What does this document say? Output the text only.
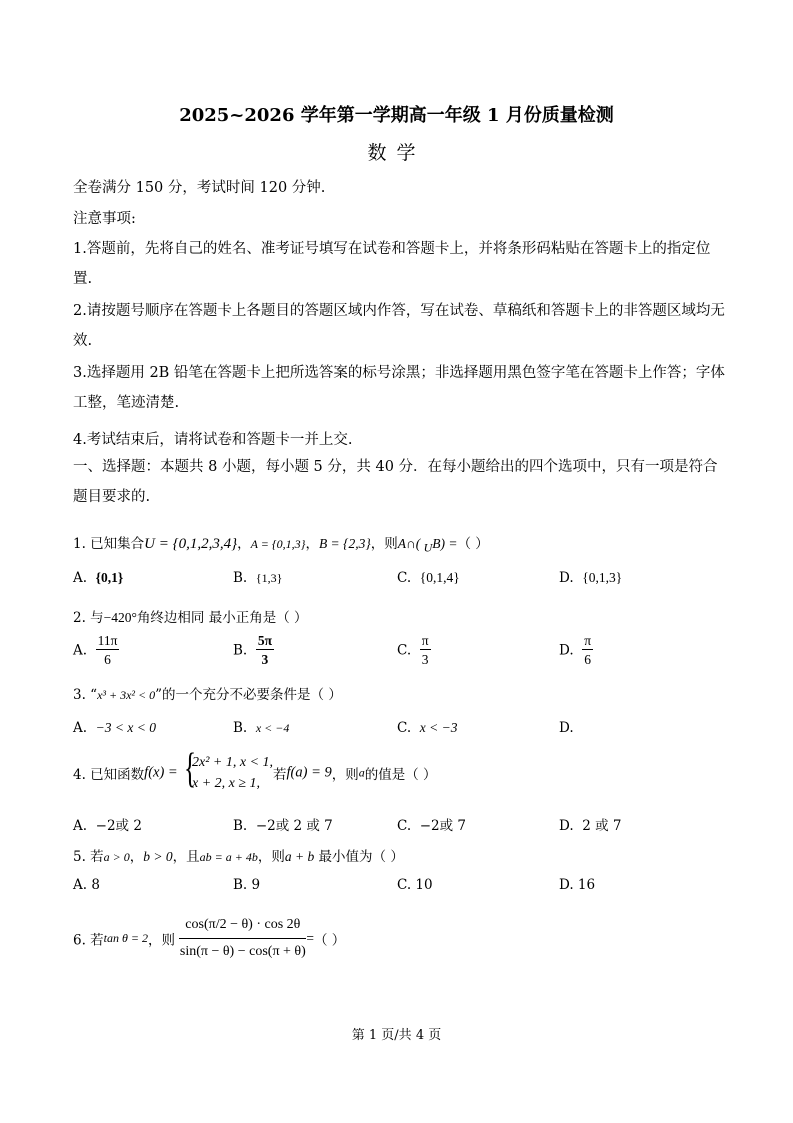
2025~2026 学年第一学期高一年级 1 月份质量检测
数学
全卷满分 150 分，考试时间 120 分钟.
注意事项:
1.答题前，先将自己的姓名、准考证号填写在试卷和答题卡上，并将条形码粘贴在答题卡上的指定位置.
2.请按题号顺序在答题卡上各题目的答题区域内作答，写在试卷、草稿纸和答题卡上的非答题区域均无效.
3.选择题用 2B 铅笔在答题卡上把所选答案的标号涂黑；非选择题用黑色签字笔在答题卡上作答；字体工整，笔迹清楚.
4.考试结束后，请将试卷和答题卡一并上交.
一、选择题：本题共 8 小题，每小题 5 分，共 40 分．在每小题给出的四个选项中，只有一项是符合题目要求的.
1. 已知集合U = {0,1,2,3,4}，A = {0,1,3}，B = {2,3}，则A∩( $_U$B) =（ ）
A. {0,1}	B. {1,3}	C. {0,1,4}	D. {0,1,3}
2. 与−420°角终边相同 最小正角是（ ）
A. $\frac{11\pi}{6}$	B. $\frac{5\pi}{3}$	C. $\frac{\pi}{3}$	D. $\frac{\pi}{6}$
3. “x³ + 3x² < 0”的一个充分不必要条件是（ ）
A. −3 < x < 0	B. x < −4	C. x < −3	D.
4. 已知函数f(x) = {
2x² + 1, x < 1,
x + 2, x ≥ 1,
若f(a) = 9，则a的值是（ ）
A. −2或 2	B. −2或 2 或 7	C. −2或 7	D. 2 或 7
5. 若a > 0，b > 0，且ab = a + 4b，则a + b 最小值为（ ）
A. 8	B. 9	C. 10	D. 16
6. 若tan θ = 2，则 $\frac{\cos(\pi/2 - \theta) \cdot \cos 2\theta}{\sin(\pi - \theta) - \cos(\pi + \theta)}$ =（ ）
第 1 页/共 4 页
